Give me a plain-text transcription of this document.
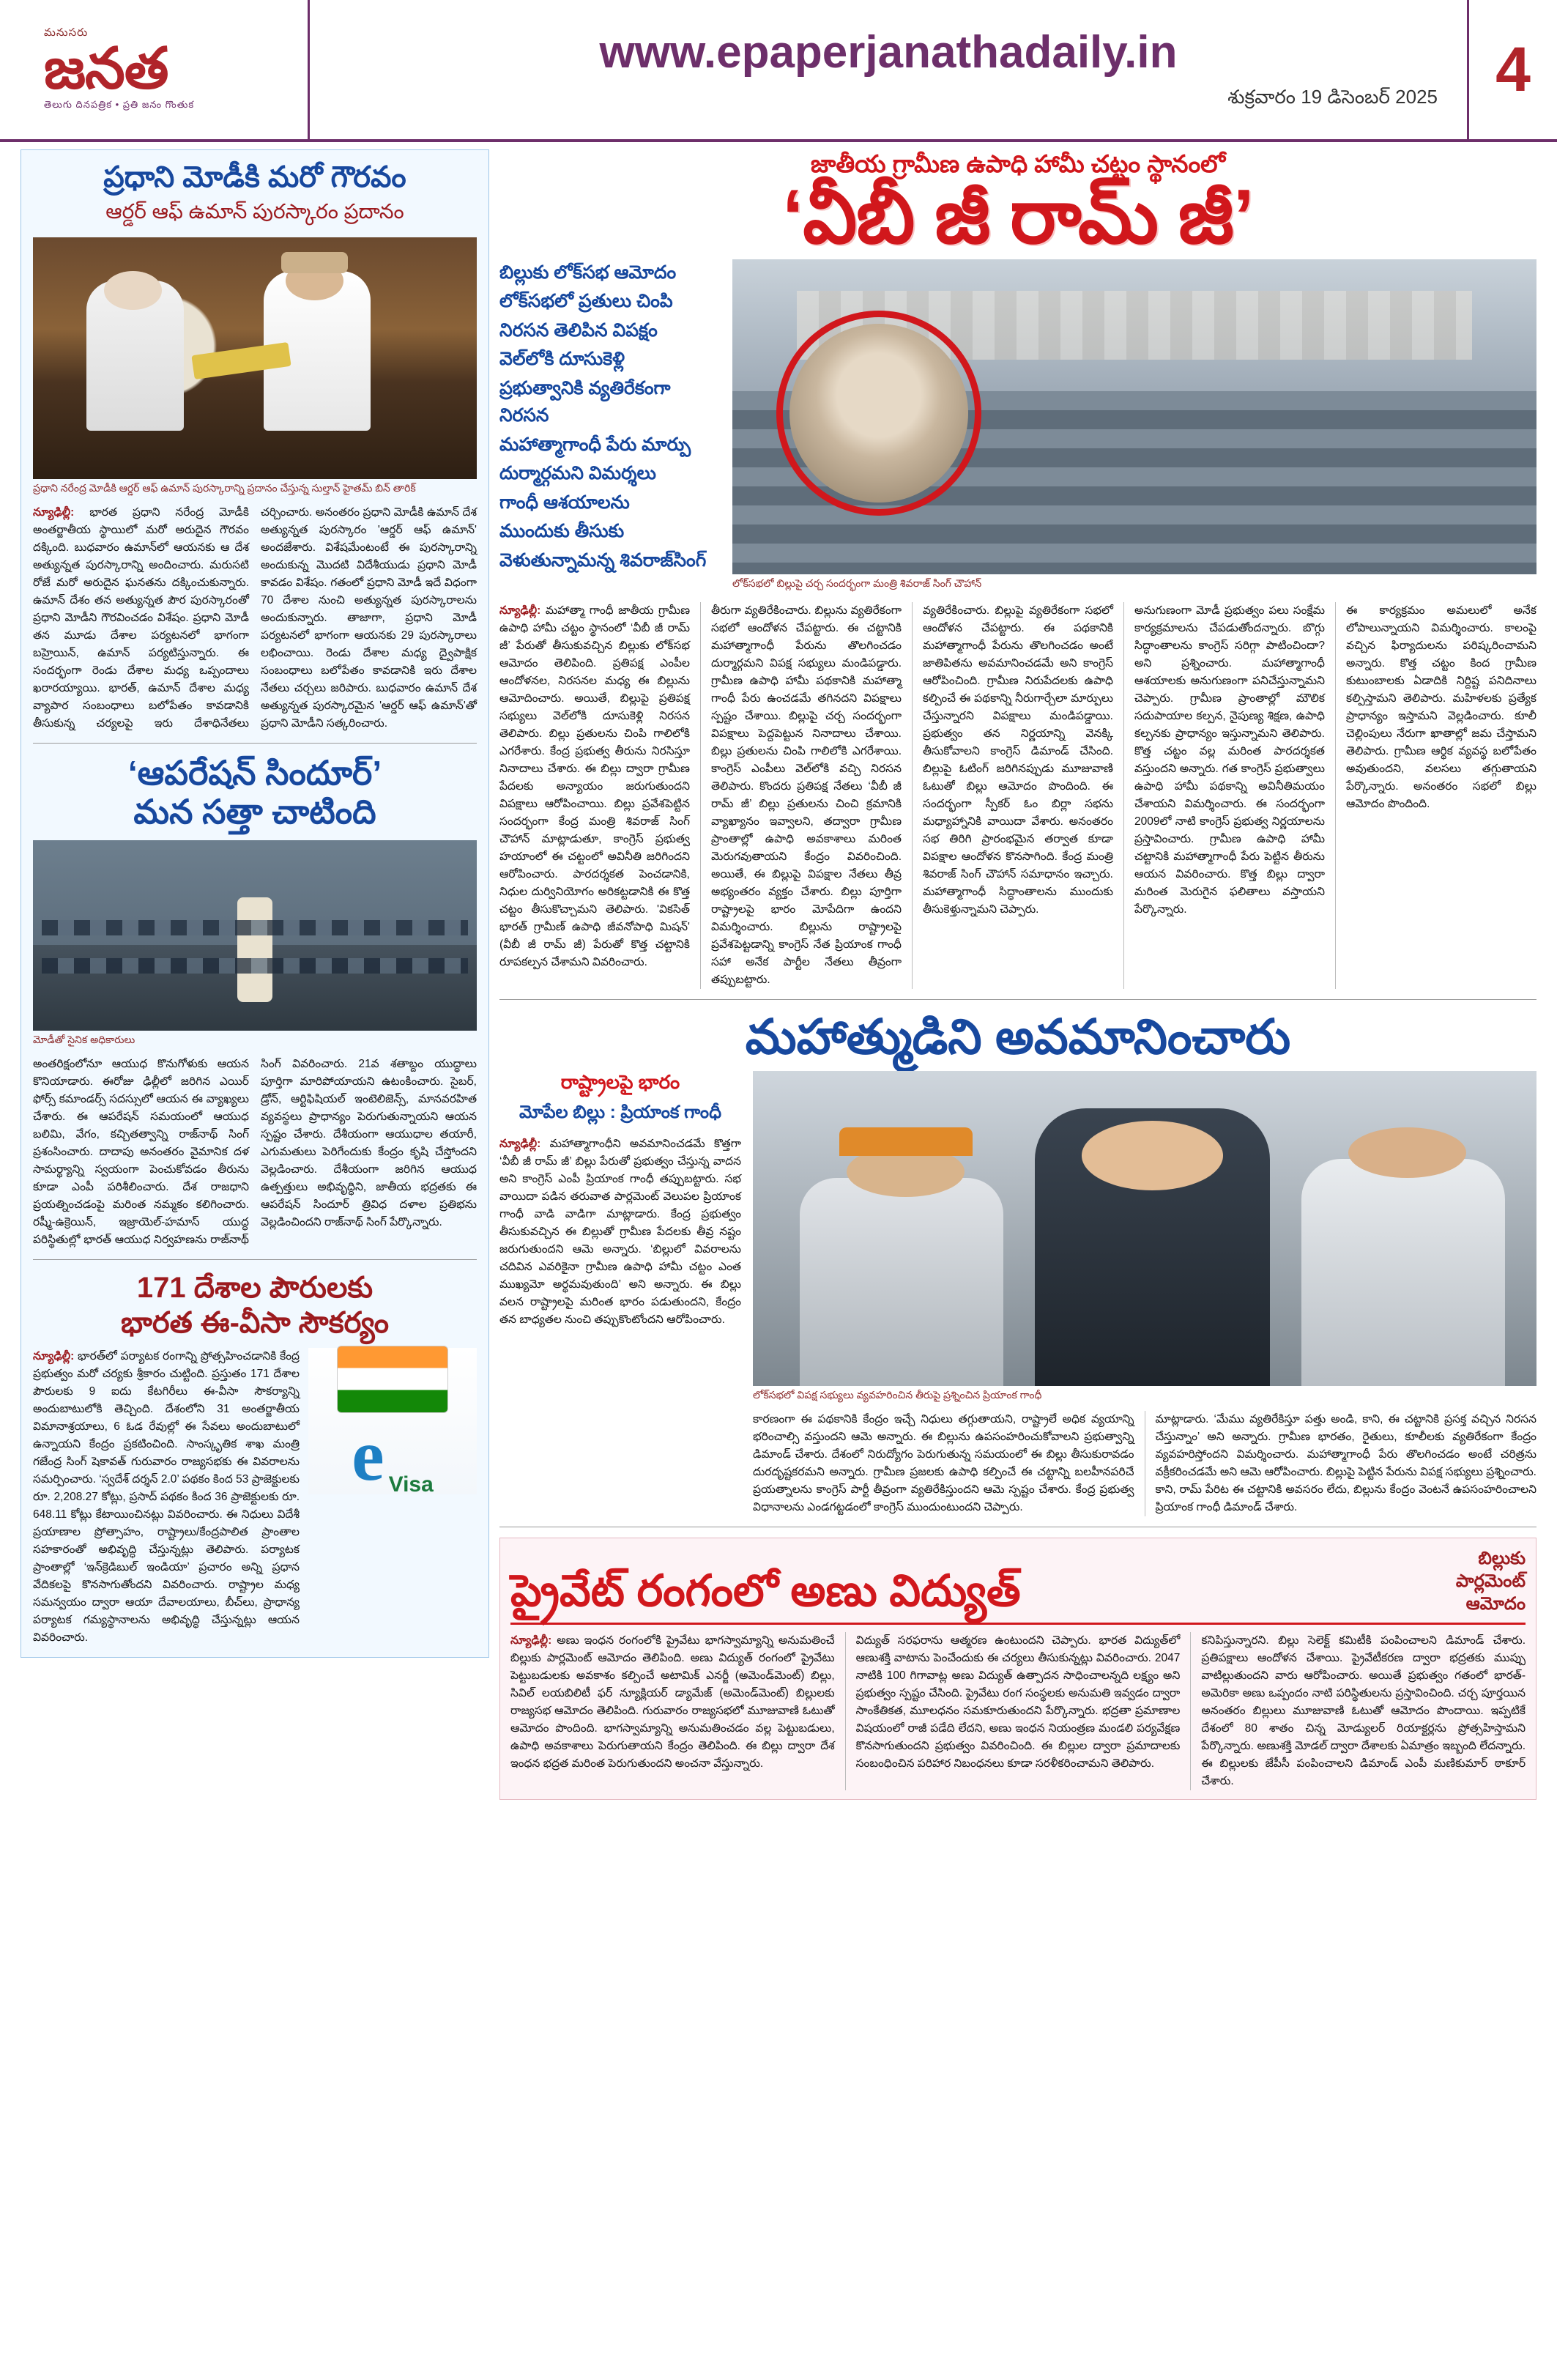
మనుసరు
జనత
తెలుగు దినపత్రిక • ప్రతి జనం గొంతుక
www.epaperjanathadaily.in
శుక్రవారం 19 డిసెంబర్ 2025 4
ప్రధాని మోడీకి మరో గౌరవం
ఆర్డర్ ఆఫ్ ఉమాన్ పురస్కారం ప్రదానం
ప్రధాని నరేంద్ర మోడీకి ఆర్డర్ ఆఫ్ ఉమాన్ పురస్కారాన్ని ప్రదానం చేస్తున్న సుల్తాన్ హైతమ్ బిన్ తారిక్
న్యూఢిల్లీ: భారత ప్రధాని నరేంద్ర మోడీకి అంతర్జాతీయ స్థాయిలో మరో అరుదైన గౌరవం దక్కింది. బుధవారం ఉమాన్‌లో ఆయనకు ఆ దేశ అత్యున్నత పురస్కారాన్ని అందించారు. మరుసటి రోజే మరో అరుదైన ఘనతను దక్కించుకున్నారు. ఉమాన్ దేశం తన అత్యున్నత పౌర పురస్కారంతో ప్రధాని మోడీని గౌరవించడం విశేషం. ప్రధాని మోడీ తన మూడు దేశాల పర్యటనలో భాగంగా బహ్రెయిన్, ఉమాన్ పర్యటిస్తున్నారు. ఈ సందర్భంగా రెండు దేశాల మధ్య ఒప్పందాలు ఖరారయ్యాయి. భారత్, ఉమాన్ దేశాల మధ్య వ్యాపార సంబంధాలు బలోపేతం కావడానికి తీసుకున్న చర్యలపై ఇరు దేశాధినేతలు చర్చించారు. అనంతరం ప్రధాని మోడీకి ఉమాన్ దేశ అత్యున్నత పురస్కారం 'ఆర్డర్ ఆఫ్ ఉమాన్' అందజేశారు. విశేషమేంటంటే ఈ పురస్కారాన్ని అందుకున్న మొదటి విదేశీయుడు ప్రధాని మోడీ కావడం విశేషం. గతంలో ప్రధాని మోడీ ఇదే విధంగా 70 దేశాల నుంచి అత్యున్నత పురస్కారాలను అందుకున్నారు. తాజాగా, ప్రధాని మోడీ పర్యటనలో భాగంగా ఆయనకు 29 పురస్కారాలు లభించాయి. రెండు దేశాల మధ్య ద్వైపాక్షిక సంబంధాలు బలోపేతం కావడానికి ఇరు దేశాల నేతలు చర్చలు జరిపారు. బుధవారం ఉమాన్ దేశ అత్యున్నత పురస్కారమైన 'ఆర్డర్ ఆఫ్ ఉమాన్'తో ప్రధాని మోడీని సత్కరించారు.
‘ఆపరేషన్ సిందూర్’
మన సత్తా చాటింది
మోడీతో సైనిక అధికారులు
అంతరిక్షంలోనూ ఆయుధ కొనుగోళుకు ఆయన కొనియాడారు. ఈరోజు ఢిల్లీలో జరిగిన ఎయిర్ ఫోర్స్ కమాండర్స్ సదస్సులో ఆయన ఈ వ్యాఖ్యలు చేశారు. ఈ ఆపరేషన్ సమయంలో ఆయుధ బలిమి, వేగం, కచ్చితత్వాన్ని రాజ్‌నాథ్ సింగ్ ప్రశంసించారు. దాదాపు అనంతరం వైమానిక దళ సామర్థ్యాన్ని స్వయంగా పెంచుకోవడం తీరును కూడా ఎంపీ పరిశీలించారు. దేశ రాజధాని ప్రయత్నించడంపై మరింత నమ్మకం కలిగించారు. రష్మీ-ఉక్రెయిన్, ఇజ్రాయెల్-హమాస్ యుద్ధ పరిస్థితుల్లో భారత్ ఆయుధ నిర్వహణను రాజ్‌నాథ్ సింగ్ వివరించారు. 21వ శతాబ్దం యుద్ధాలు పూర్తిగా మారిపోయాయని ఉటంకించారు. సైబర్, డ్రోన్, ఆర్టిఫిషియల్ ఇంటెలిజెన్స్, మానవరహిత వ్యవస్థలు ప్రాధాన్యం పెరుగుతున్నాయని ఆయన స్పష్టం చేశారు. దేశీయంగా ఆయుధాల తయారీ, ఎగుమతులు పెరిగేందుకు కేంద్రం కృషి చేస్తోందని వెల్లడించారు. దేశీయంగా జరిగిన ఆయుధ ఉత్పత్తులు అభివృద్ధిని, జాతీయ భద్రతకు ఈ ఆపరేషన్ సిందూర్ త్రివిధ దళాల ప్రతిభను వెల్లడించిందని రాజ్‌నాథ్ సింగ్ పేర్కొన్నారు.
171 దేశాల పౌరులకు
భారత ఈ-వీసా సౌకర్యం
న్యూఢిల్లీ: భారత్‌లో పర్యాటక రంగాన్ని ప్రోత్సహించడానికి కేంద్ర ప్రభుత్వం మరో చర్యకు శ్రీకారం చుట్టింది. ప్రస్తుతం 171 దేశాల పౌరులకు 9 ఐదు కేటగిరీలు ఈ-వీసా సౌకర్యాన్ని అందుబాటులోకి తెచ్చింది. దేశంలోని 31 అంతర్జాతీయ విమానాశ్రయాలు, 6 ఓడ రేవుల్లో ఈ సేవలు అందుబాటులో ఉన్నాయని కేంద్రం ప్రకటించింది. సాంస్కృతిక శాఖ మంత్రి గజేంద్ర సింగ్ షెకావత్ గురువారం రాజ్యసభకు ఈ వివరాలను సమర్పించారు. ‘స్వదేశ్ దర్శన్ 2.0’ పథకం కింద 53 ప్రాజెక్టులకు రూ. 2,208.27 కోట్లు, ప్రసాద్ పథకం కింద 36 ప్రాజెక్టులకు రూ. 648.11 కోట్లు కేటాయించినట్లు వివరించారు. ఈ నిధులు విదేశీ ప్రయాణాల ప్రోత్సాహం, రాష్ట్రాలు/కేంద్రపాలిత ప్రాంతాల సహకారంతో అభివృద్ధి చేస్తున్నట్లు తెలిపారు. పర్యాటక ప్రాంతాల్లో ‘ఇన్‌క్రెడిబుల్ ఇండియా’ ప్రచారం అన్ని ప్రధాన వేదికలపై కొనసాగుతోందని వివరించారు. రాష్ట్రాల మధ్య సమన్వయం ద్వారా ఆయా దేవాలయాలు, బీచ్‌లు, ప్రాధాన్య పర్యాటక గమ్యస్థానాలను అభివృద్ధి చేస్తున్నట్లు ఆయన వివరించారు.
e Visa
జాతీయ గ్రామీణ ఉపాధి హామీ చట్టం స్థానంలో
‘వీబీ జీ రామ్ జీ’
బిల్లుకు లోక్‌సభ ఆమోదం
లోక్‌సభలో ప్రతులు చింపి
నిరసన తెలిపిన విపక్షం
వెల్‌లోకి దూసుకెళ్లి
ప్రభుత్వానికి వ్యతిరేకంగా నిరసన
మహాత్మాగాంధీ పేరు మార్పు
దుర్మార్గమని విమర్శలు
గాంధీ ఆశయాలను
ముందుకు తీసుకు
వెళుతున్నామన్న శివరాజ్‌సింగ్
లోక్‌సభలో బిల్లుపై చర్చ సందర్భంగా మంత్రి శివరాజ్ సింగ్ చౌహాన్
న్యూఢిల్లీ: మహాత్మా గాంధీ జాతీయ గ్రామీణ ఉపాధి హామీ చట్టం స్థానంలో ‘వీబీ జీ రామ్ జీ’ పేరుతో తీసుకువచ్చిన బిల్లుకు లోక్‌సభ ఆమోదం తెలిపింది. ప్రతిపక్ష ఎంపీల ఆందోళనల, నిరసనల మధ్య ఈ బిల్లును ఆమోదించారు. అయితే, బిల్లుపై ప్రతిపక్ష సభ్యులు వెల్‌లోకి దూసుకెళ్లి నిరసన తెలిపారు. బిల్లు ప్రతులను చింపి గాలిలోకి ఎగరేశారు. కేంద్ర ప్రభుత్వ తీరును నిరసిస్తూ నినాదాలు చేశారు. ఈ బిల్లు ద్వారా గ్రామీణ పేదలకు అన్యాయం జరుగుతుందని విపక్షాలు ఆరోపించాయి. బిల్లు ప్రవేశపెట్టిన సందర్భంగా కేంద్ర మంత్రి శివరాజ్ సింగ్ చౌహాన్ మాట్లాడుతూ, కాంగ్రెస్ ప్రభుత్వ హయాంలో ఈ చట్టంలో అవినీతి జరిగిందని ఆరోపించారు. పారదర్శకత పెంచడానికి, నిధుల దుర్వినియోగం అరికట్టడానికి ఈ కొత్త చట్టం తీసుకొచ్చామని తెలిపారు. 'వికసిత్ భారత్ గ్రామీణ్ ఉపాధి జీవనోపాధి మిషన్' (వీబీ జీ రామ్ జీ) పేరుతో కొత్త చట్టానికి రూపకల్పన చేశామని వివరించారు.
తీరుగా వ్యతిరేకించారు. బిల్లును వ్యతిరేకంగా సభలో ఆందోళన చేపట్టారు. ఈ చట్టానికి మహాత్మాగాంధీ పేరును తొలగించడం దుర్మార్గమని విపక్ష సభ్యులు మండిపడ్డారు. గ్రామీణ ఉపాధి హామీ పథకానికి మహాత్మా గాంధీ పేరు ఉంచడమే తగినదని విపక్షాలు స్పష్టం చేశాయి. బిల్లుపై చర్చ సందర్భంగా విపక్షాలు పెద్దపెట్టున నినాదాలు చేశాయి. బిల్లు ప్రతులను చింపి గాలిలోకి ఎగరేశాయి. కాంగ్రెస్ ఎంపీలు వెల్‌లోకి వచ్చి నిరసన తెలిపారు. కొందరు ప్రతిపక్ష నేతలు ‘వీబీ జీ రామ్ జీ’ బిల్లు ప్రతులను చించి క్రమానికి వ్యాఖ్యానం ఇవ్వాలని, తద్వారా గ్రామీణ ప్రాంతాల్లో ఉపాధి అవకాశాలు మరింత మెరుగవుతాయని కేంద్రం వివరించింది. అయితే, ఈ బిల్లుపై విపక్షాల నేతలు తీవ్ర అభ్యంతరం వ్యక్తం చేశారు. బిల్లు పూర్తిగా రాష్ట్రాలపై భారం మోపేదిగా ఉందని విమర్శించారు. బిల్లును రాష్ట్రాలపై ప్రవేశపెట్టడాన్ని కాంగ్రెస్ నేత ప్రియాంక గాంధీ సహా అనేక పార్టీల నేతలు తీవ్రంగా తప్పుబట్టారు.
వ్యతిరేకించారు. బిల్లుపై వ్యతిరేకంగా సభలో ఆందోళన చేపట్టారు. ఈ పథకానికి మహాత్మాగాంధీ పేరును తొలగించడం అంటే జాతిపితను అవమానించడమే అని కాంగ్రెస్ ఆరోపించింది. గ్రామీణ నిరుపేదలకు ఉపాధి కల్పించే ఈ పథకాన్ని నీరుగార్చేలా మార్పులు చేస్తున్నారని విపక్షాలు మండిపడ్డాయి. ప్రభుత్వం తన నిర్ణయాన్ని వెనక్కి తీసుకోవాలని కాంగ్రెస్ డిమాండ్ చేసింది. బిల్లుపై ఓటింగ్ జరిగినప్పుడు మూజువాణి ఓటుతో బిల్లు ఆమోదం పొందింది. ఈ సందర్భంగా స్పీకర్ ఓం బిర్లా సభను మధ్యాహ్నానికి వాయిదా వేశారు. అనంతరం సభ తిరిగి ప్రారంభమైన తర్వాత కూడా విపక్షాల ఆందోళన కొనసాగింది. కేంద్ర మంత్రి శివరాజ్ సింగ్ చౌహాన్ సమాధానం ఇచ్చారు. మహాత్మాగాంధీ సిద్ధాంతాలను ముందుకు తీసుకెళ్తున్నామని చెప్పారు.
అనుగుణంగా మోడీ ప్రభుత్వం పలు సంక్షేమ కార్యక్రమాలను చేపడుతోందన్నారు. బొగ్గు సిద్ధాంతాలను కాంగ్రెస్ సరిగ్గా పాటించిందా? అని ప్రశ్నించారు. మహాత్మాగాంధీ ఆశయాలకు అనుగుణంగా పనిచేస్తున్నామని చెప్పారు. గ్రామీణ ప్రాంతాల్లో మౌలిక సదుపాయాల కల్పన, నైపుణ్య శిక్షణ, ఉపాధి కల్పనకు ప్రాధాన్యం ఇస్తున్నామని తెలిపారు. కొత్త చట్టం వల్ల మరింత పారదర్శకత వస్తుందని అన్నారు. గత కాంగ్రెస్ ప్రభుత్వాలు ఉపాధి హామీ పథకాన్ని అవినీతిమయం చేశాయని విమర్శించారు. ఈ సందర్భంగా 2009లో నాటి కాంగ్రెస్ ప్రభుత్వ నిర్ణయాలను ప్రస్తావించారు. గ్రామీణ ఉపాధి హామీ చట్టానికి మహాత్మాగాంధీ పేరు పెట్టిన తీరును ఆయన వివరించారు. కొత్త బిల్లు ద్వారా మరింత మెరుగైన ఫలితాలు వస్తాయని పేర్కొన్నారు.
ఈ కార్యక్రమం అమలులో అనేక లోపాలున్నాయని విమర్శించారు. కాలంపై వచ్చిన ఫిర్యాదులను పరిష్కరించామని అన్నారు. కొత్త చట్టం కింద గ్రామీణ కుటుంబాలకు ఏడాదికి నిర్దిష్ట పనిదినాలు కల్పిస్తామని తెలిపారు. మహిళలకు ప్రత్యేక ప్రాధాన్యం ఇస్తామని వెల్లడించారు. కూలీ చెల్లింపులు నేరుగా ఖాతాల్లో జమ చేస్తామని తెలిపారు. గ్రామీణ ఆర్థిక వ్యవస్థ బలోపేతం అవుతుందని, వలసలు తగ్గుతాయని పేర్కొన్నారు. అనంతరం సభలో బిల్లు ఆమోదం పొందింది.
మహాత్ముడిని అవమానించారు
రాష్ట్రాలపై భారం
మోపేల బిల్లు : ప్రియాంక గాంధీ
న్యూఢిల్లీ: మహాత్మాగాంధీని అవమానించడమే కొత్తగా ‘వీబీ జీ రామ్ జీ’ బిల్లు పేరుతో ప్రభుత్వం చేస్తున్న వాదన అని కాంగ్రెస్ ఎంపీ ప్రియాంక గాంధీ తప్పుబట్టారు. సభ వాయిదా పడిన తరువాత పార్లమెంట్ వెలుపల ప్రియాంక గాంధీ వాడి వాడిగా మాట్లాడారు. కేంద్ర ప్రభుత్వం తీసుకువచ్చిన ఈ బిల్లుతో గ్రామీణ పేదలకు తీవ్ర నష్టం జరుగుతుందని ఆమె అన్నారు. ‘బిల్లులో వివరాలను చదివిన ఎవరికైనా గ్రామీణ ఉపాధి హామీ చట్టం ఎంత ముఖ్యమో అర్థమవుతుంది’ అని అన్నారు. ఈ బిల్లు వలన రాష్ట్రాలపై మరింత భారం పడుతుందని, కేంద్రం తన బాధ్యతల నుంచి తప్పుకొంటోందని ఆరోపించారు.
లోక్‌సభలో విపక్ష సభ్యులు వ్యవహరించిన తీరుపై ప్రశ్నించిన ప్రియాంక గాంధీ
కారణంగా ఈ పథకానికి కేంద్రం ఇచ్చే నిధులు తగ్గుతాయని, రాష్ట్రాలే అధిక వ్యయాన్ని భరించాల్సి వస్తుందని ఆమె అన్నారు. ఈ బిల్లును ఉపసంహరించుకోవాలని ప్రభుత్వాన్ని డిమాండ్ చేశారు. దేశంలో నిరుద్యోగం పెరుగుతున్న సమయంలో ఈ బిల్లు తీసుకురావడం దురదృష్టకరమని అన్నారు. గ్రామీణ ప్రజలకు ఉపాధి కల్పించే ఈ చట్టాన్ని బలహీనపరిచే ప్రయత్నాలను కాంగ్రెస్ పార్టీ తీవ్రంగా వ్యతిరేకిస్తుందని ఆమె స్పష్టం చేశారు. కేంద్ర ప్రభుత్వ విధానాలను ఎండగట్టడంలో కాంగ్రెస్ ముందుంటుందని చెప్పారు.
మాట్లాడారు. ‘మేము వ్యతిరేకిస్తూ పత్తు అండి, కాని, ఈ చట్టానికి ప్రసక్త వచ్చిన నిరసన చేస్తున్నాం’ అని అన్నారు. గ్రామీణ భారతం, రైతులు, కూలీలకు వ్యతిరేకంగా కేంద్రం వ్యవహరిస్తోందని విమర్శించారు. మహాత్మాగాంధీ పేరు తొలగించడం అంటే చరిత్రను వక్రీకరించడమే అని ఆమె ఆరోపించారు. బిల్లుపై పెట్టిన పేరును విపక్ష సభ్యులు ప్రశ్నించారు. కాని, రామ్ పేరిట ఈ చట్టానికి అవసరం లేదు, బిల్లును కేంద్రం వెంటనే ఉపసంహరించాలని ప్రియాంక గాంధీ డిమాండ్ చేశారు.
ప్రైవేట్ రంగంలో అణు విద్యుత్
బిల్లుకు
పార్లమెంట్
ఆమోదం
న్యూఢిల్లీ: అణు ఇంధన రంగంలోకి ప్రైవేటు భాగస్వామ్యాన్ని అనుమతించే బిల్లుకు పార్లమెంట్ ఆమోదం తెలిపింది. అణు విద్యుత్ రంగంలో ప్రైవేటు పెట్టుబడులకు అవకాశం కల్పించే అటామిక్ ఎనర్జీ (అమెండ్‌మెంట్) బిల్లు, సివిల్ లయబిలిటీ ఫర్ న్యూక్లియర్ డ్యామేజ్ (అమెండ్‌మెంట్) బిల్లులకు రాజ్యసభ ఆమోదం తెలిపింది. గురువారం రాజ్యసభలో మూజువాణి ఓటుతో ఆమోదం పొందింది. భాగస్వామ్యాన్ని అనుమతించడం వల్ల పెట్టుబడులు, ఉపాధి అవకాశాలు పెరుగుతాయని కేంద్రం తెలిపింది. ఈ బిల్లు ద్వారా దేశ ఇంధన భద్రత మరింత పెరుగుతుందని అంచనా వేస్తున్నారు.
విద్యుత్ సరఫరాను ఆత్మరణ ఉంటుందని చెప్పారు. భారత విద్యుత్‌లో ఆణుశక్తి వాటాను పెంచేందుకు ఈ చర్యలు తీసుకున్నట్లు వివరించారు. 2047 నాటికి 100 గిగావాట్ల అణు విద్యుత్ ఉత్పాదన సాధించాలన్నది లక్ష్యం అని ప్రభుత్వం స్పష్టం చేసింది. ప్రైవేటు రంగ సంస్థలకు అనుమతి ఇవ్వడం ద్వారా సాంకేతికత, మూలధనం సమకూరుతుందని పేర్కొన్నారు. భద్రతా ప్రమాణాల విషయంలో రాజీ పడేది లేదని, అణు ఇంధన నియంత్రణ మండలి పర్యవేక్షణ కొనసాగుతుందని ప్రభుత్వం వివరించింది. ఈ బిల్లుల ద్వారా ప్రమాదాలకు సంబంధించిన పరిహార నిబంధనలు కూడా సరళీకరించామని తెలిపారు.
కనిపిస్తున్నారని. బిల్లు సెలెక్ట్ కమిటీకి పంపించాలని డిమాండ్ చేశారు. ప్రతిపక్షాలు ఆందోళన చేశాయి. ప్రైవేటీకరణ ద్వారా భద్రతకు ముప్పు వాటిల్లుతుందని వారు ఆరోపించారు. అయితే ప్రభుత్వం గతంలో భారత్-అమెరికా అణు ఒప్పందం నాటి పరిస్థితులను ప్రస్తావించింది. చర్చ పూర్తయిన అనంతరం బిల్లులు మూజువాణి ఓటుతో ఆమోదం పొందాయి. ఇప్పటికే దేశంలో 80 శాతం చిన్న మోడ్యులర్ రియాక్టర్లను ప్రోత్సహిస్తామని పేర్కొన్నారు. అణుశక్తి మోడల్ ద్వారా దేశాలకు ఏమాత్రం ఇబ్బంది లేదన్నారు. ఈ బిల్లులకు జేపీసీ పంపించాలని డిమాండ్ ఎంపీ మణికుమార్ ఠాకూర్ చేశారు.
